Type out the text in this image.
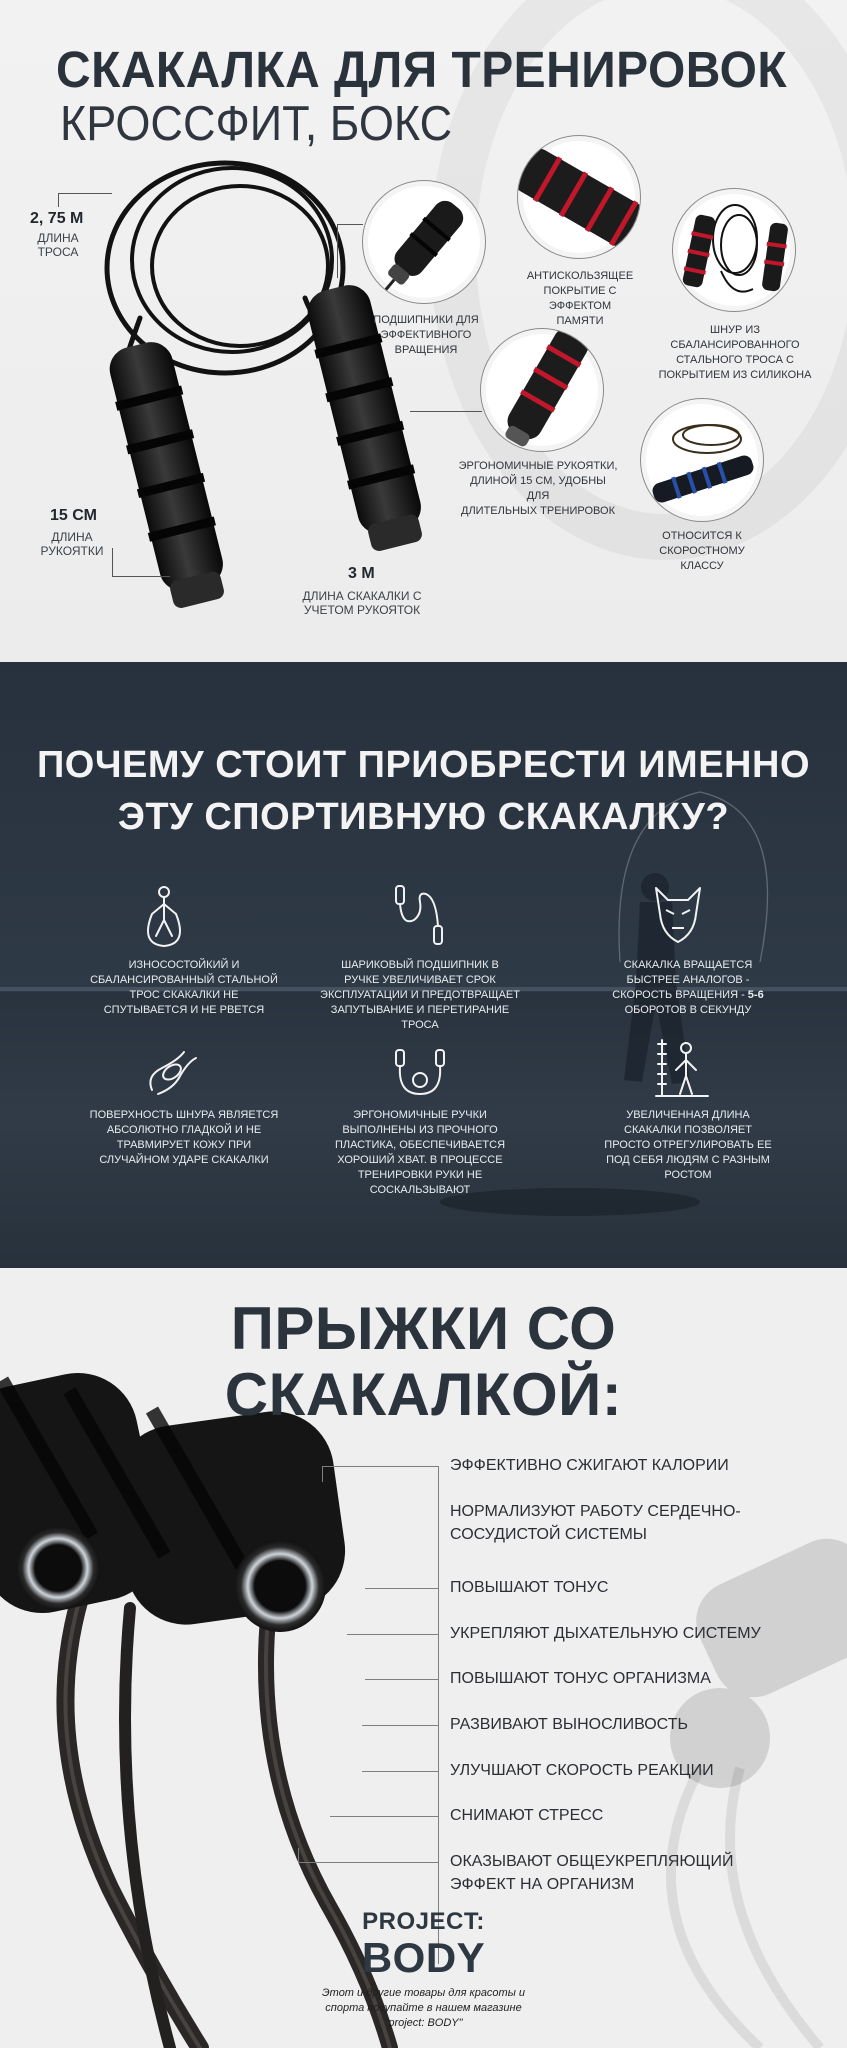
СКАКАЛКА ДЛЯ ТРЕНИРОВОК
КРОССФИТ, БОКС
2, 75 М
ДЛИНА
ТРОСА
15 СМ
ДЛИНА
РУКОЯТКИ
3 М
ДЛИНА СКАКАЛКИ С
УЧЕТОМ РУКОЯТОК
ПОДШИПНИКИ ДЛЯ
ЭФФЕКТИВНОГО
ВРАЩЕНИЯ
АНТИСКОЛЬЗЯЩЕЕ
ПОКРЫТИЕ С ЭФФЕКТОМ
ПАМЯТИ
ШНУР ИЗ
СБАЛАНСИРОВАННОГО
СТАЛЬНОГО ТРОСА С
ПОКРЫТИЕМ ИЗ СИЛИКОНА
ЭРГОНОМИЧНЫЕ РУКОЯТКИ,
ДЛИНОЙ 15 СМ, УДОБНЫ ДЛЯ
ДЛИТЕЛЬНЫХ ТРЕНИРОВОК
ОТНОСИТСЯ К
СКОРОСТНОМУ
КЛАССУ
ПОЧЕМУ СТОИТ ПРИОБРЕСТИ ИМЕННО
ЭТУ СПОРТИВНУЮ СКАКАЛКУ?
ИЗНОСОСТОЙКИЙ И
СБАЛАНСИРОВАННЫЙ СТАЛЬНОЙ
ТРОС СКАКАЛКИ НЕ
СПУТЫВАЕТСЯ И НЕ РВЕТСЯ
ШАРИКОВЫЙ ПОДШИПНИК В
РУЧКЕ УВЕЛИЧИВАЕТ СРОК
ЭКСПЛУАТАЦИИ И ПРЕДОТВРАЩАЕТ
ЗАПУТЫВАНИЕ И ПЕРЕТИРАНИЕ
ТРОСА
СКАКАЛКА ВРАЩАЕТСЯ
БЫСТРЕЕ АНАЛОГОВ -
СКОРОСТЬ ВРАЩЕНИЯ - 5-6
ОБОРОТОВ В СЕКУНДУ
ПОВЕРХНОСТЬ ШНУРА ЯВЛЯЕТСЯ
АБСОЛЮТНО ГЛАДКОЙ И НЕ
ТРАВМИРУЕТ КОЖУ ПРИ
СЛУЧАЙНОМ УДАРЕ СКАКАЛКИ
ЭРГОНОМИЧНЫЕ РУЧКИ
ВЫПОЛНЕНЫ ИЗ ПРОЧНОГО
ПЛАСТИКА, ОБЕСПЕЧИВАЕТСЯ
ХОРОШИЙ ХВАТ. В ПРОЦЕССЕ
ТРЕНИРОВКИ РУКИ НЕ
СОСКАЛЬЗЫВАЮТ
УВЕЛИЧЕННАЯ ДЛИНА
СКАКАЛКИ ПОЗВОЛЯЕТ
ПРОСТО ОТРЕГУЛИРОВАТЬ ЕЕ
ПОД СЕБЯ ЛЮДЯМ С РАЗНЫМ
РОСТОМ
ПРЫЖКИ СО
СКАКАЛКОЙ:
ЭФФЕКТИВНО СЖИГАЮТ КАЛОРИИ
НОРМАЛИЗУЮТ РАБОТУ СЕРДЕЧНО-
СОСУДИСТОЙ СИСТЕМЫ
ПОВЫШАЮТ ТОНУС
УКРЕПЛЯЮТ ДЫХАТЕЛЬНУЮ СИСТЕМУ
ПОВЫШАЮТ ТОНУС ОРГАНИЗМА
РАЗВИВАЮТ ВЫНОСЛИВОСТЬ
УЛУЧШАЮТ СКОРОСТЬ РЕАКЦИИ
СНИМАЮТ СТРЕСС
ОКАЗЫВАЮТ ОБЩЕУКРЕПЛЯЮЩИЙ
ЭФФЕКТ НА ОРГАНИЗМ
PROJECT:
BODY
Этот и другие товары для красоты и
спорта покупайте в нашем магазине
"project: BODY"
